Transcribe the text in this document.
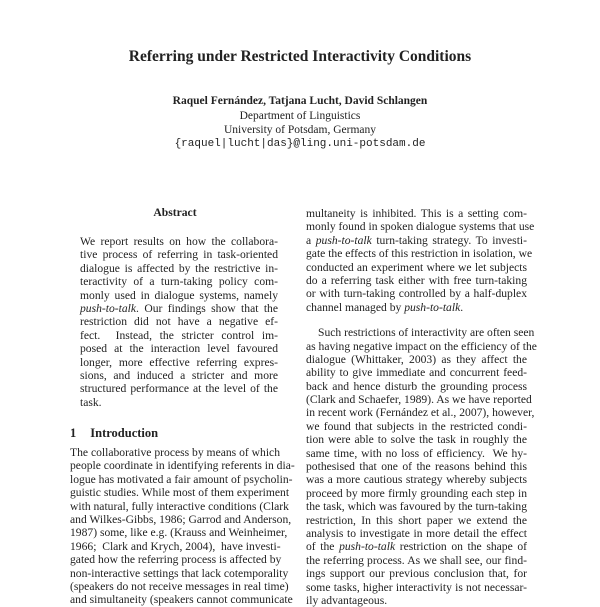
Referring under Restricted Interactivity Conditions
Raquel Fernández, Tatjana Lucht, David Schlangen
Department of Linguistics
University of Potsdam, Germany
{raquel|lucht|das}@ling.uni-potsdam.de
Abstract
We report results on how the collabora-
tive process of referring in task-oriented
dialogue is affected by the restrictive in-
teractivity of a turn-taking policy com-
monly used in dialogue systems, namely
push-to-talk. Our findings show that the
restriction did not have a negative ef-
fect.  Instead, the stricter control im-
posed at the interaction level favoured
longer, more effective referring expres-
sions, and induced a stricter and more
structured performance at the level of the
task.
1 Introduction
The collaborative process by means of which
people coordinate in identifying referents in dia-
logue has motivated a fair amount of psycholin-
guistic studies. While most of them experiment
with natural, fully interactive conditions (Clark
and Wilkes-Gibbs, 1986; Garrod and Anderson,
1987) some, like e.g. (Krauss and Weinheimer,
1966;  Clark and Krych, 2004),  have investi-
gated how the referring process is affected by
non-interactive settings that lack cotemporality
(speakers do not receive messages in real time)
and simultaneity (speakers cannot communicate
multaneity is inhibited. This is a setting com-
monly found in spoken dialogue systems that use
a push-to-talk turn-taking strategy. To investi-
gate the effects of this restriction in isolation, we
conducted an experiment where we let subjects
do a referring task either with free turn-taking
or with turn-taking controlled by a half-duplex
channel managed by push-to-talk.
Such restrictions of interactivity are often seen
as having negative impact on the efficiency of the
dialogue (Whittaker, 2003) as they affect the
ability to give immediate and concurrent feed-
back and hence disturb the grounding process
(Clark and Schaefer, 1989). As we have reported
in recent work (Fernández et al., 2007), however,
we found that subjects in the restricted condi-
tion were able to solve the task in roughly the
same time, with no loss of efficiency.  We hy-
pothesised that one of the reasons behind this
was a more cautious strategy whereby subjects
proceed by more firmly grounding each step in
the task, which was favoured by the turn-taking
restriction, In this short paper we extend the
analysis to investigate in more detail the effect
of the push-to-talk restriction on the shape of
the referring process. As we shall see, our find-
ings support our previous conclusion that, for
some tasks, higher interactivity is not necessar-
ily advantageous.
